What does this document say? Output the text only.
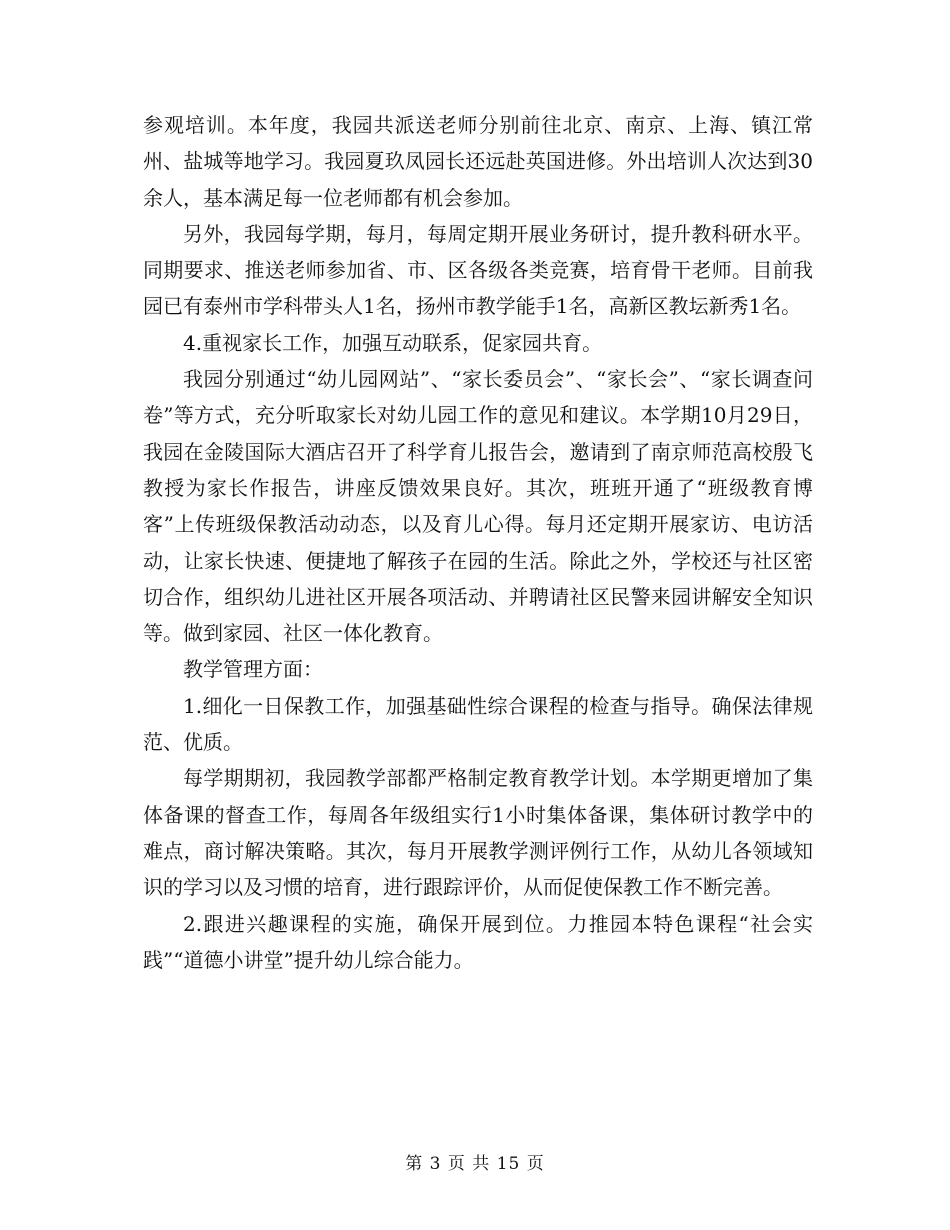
参观培训。本年度，我园共派送老师分别前往北京、南京、上海、镇江常州、盐城等地学习。我园夏玖凤园长还远赴英国进修。外出培训人次达到30余人，基本满足每一位老师都有机会参加。

另外，我园每学期，每月，每周定期开展业务研讨，提升教科研水平。同期要求、推送老师参加省、市、区各级各类竞赛，培育骨干老师。目前我园已有泰州市学科带头人1名，扬州市教学能手1名，高新区教坛新秀1名。

4.重视家长工作，加强互动联系，促家园共育。

我园分别通过“幼儿园网站”、“家长委员会”、“家长会”、“家长调查问卷”等方式，充分听取家长对幼儿园工作的意见和建议。本学期10月29日，我园在金陵国际大酒店召开了科学育儿报告会，邀请到了南京师范高校殷飞教授为家长作报告，讲座反馈效果良好。其次，班班开通了“班级教育博客”上传班级保教活动动态，以及育儿心得。每月还定期开展家访、电访活动，让家长快速、便捷地了解孩子在园的生活。除此之外，学校还与社区密切合作，组织幼儿进社区开展各项活动、并聘请社区民警来园讲解安全知识等。做到家园、社区一体化教育。

教学管理方面：

1.细化一日保教工作，加强基础性综合课程的检查与指导。确保法律规范、优质。

每学期期初，我园教学部都严格制定教育教学计划。本学期更增加了集体备课的督查工作，每周各年级组实行1小时集体备课，集体研讨教学中的难点，商讨解决策略。其次，每月开展教学测评例行工作，从幼儿各领域知识的学习以及习惯的培育，进行跟踪评价，从而促使保教工作不断完善。

2.跟进兴趣课程的实施，确保开展到位。力推园本特色课程“社会实践”“道德小讲堂”提升幼儿综合能力。

第 3 页 共 15 页
